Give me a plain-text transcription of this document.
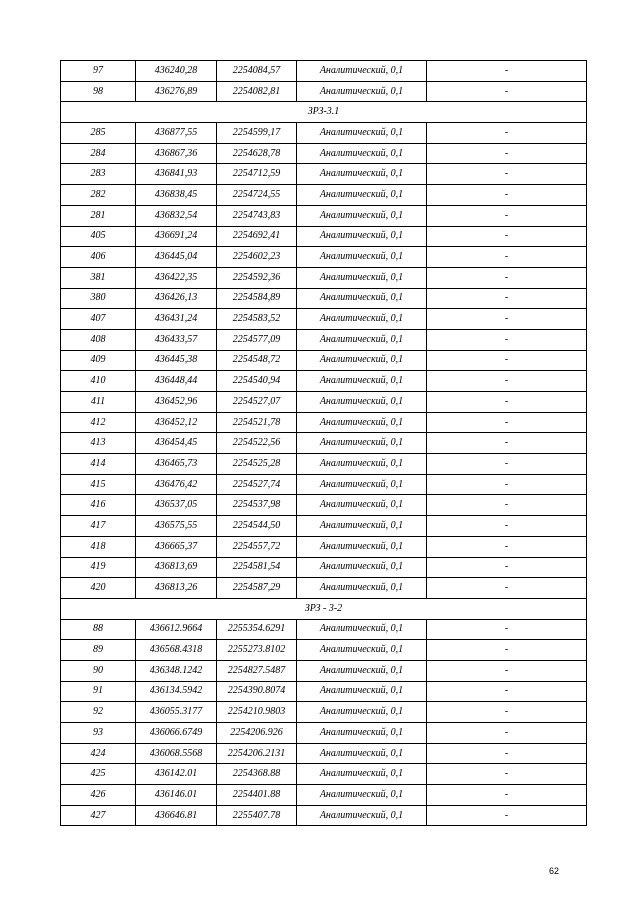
97	436240,28	2254084,57	Аналитический, 0,1	-
98	436276,89	2254082,81	Аналитический, 0,1	-
ЗРЗ-3.1				
285	436877,55	2254599,17	Аналитический, 0,1	-
284	436867,36	2254628,78	Аналитический, 0,1	-
283	436841,93	2254712,59	Аналитический, 0,1	-
282	436838,45	2254724,55	Аналитический, 0,1	-
281	436832,54	2254743,83	Аналитический, 0,1	-
405	436691,24	2254692,41	Аналитический, 0,1	-
406	436445,04	2254602,23	Аналитический, 0,1	-
381	436422,35	2254592,36	Аналитический, 0,1	-
380	436426,13	2254584,89	Аналитический, 0,1	-
407	436431,24	2254583,52	Аналитический, 0,1	-
408	436433,57	2254577,09	Аналитический, 0,1	-
409	436445,38	2254548,72	Аналитический, 0,1	-
410	436448,44	2254540,94	Аналитический, 0,1	-
411	436452,96	2254527,07	Аналитический, 0,1	-
412	436452,12	2254521,78	Аналитический, 0,1	-
413	436454,45	2254522,56	Аналитический, 0,1	-
414	436465,73	2254525,28	Аналитический, 0,1	-
415	436476,42	2254527,74	Аналитический, 0,1	-
416	436537,05	2254537,98	Аналитический, 0,1	-
417	436575,55	2254544,50	Аналитический, 0,1	-
418	436665,37	2254557,72	Аналитический, 0,1	-
419	436813,69	2254581,54	Аналитический, 0,1	-
420	436813,26	2254587,29	Аналитический, 0,1	-
ЗРЗ - 3-2				
88	436612.9664	2255354.6291	Аналитический, 0,1	-
89	436568.4318	2255273.8102	Аналитический, 0,1	-
90	436348.1242	2254827.5487	Аналитический, 0,1	-
91	436134.5942	2254390.8074	Аналитический, 0,1	-
92	436055.3177	2254210.9803	Аналитический, 0,1	-
93	436066.6749	2254206.926	Аналитический, 0,1	-
424	436068.5568	2254206.2131	Аналитический, 0,1	-
425	436142.01	2254368.88	Аналитический, 0,1	-
426	436146.01	2254401.88	Аналитический, 0,1	-
427	436646.81	2255407.78	Аналитический, 0,1	-
62
